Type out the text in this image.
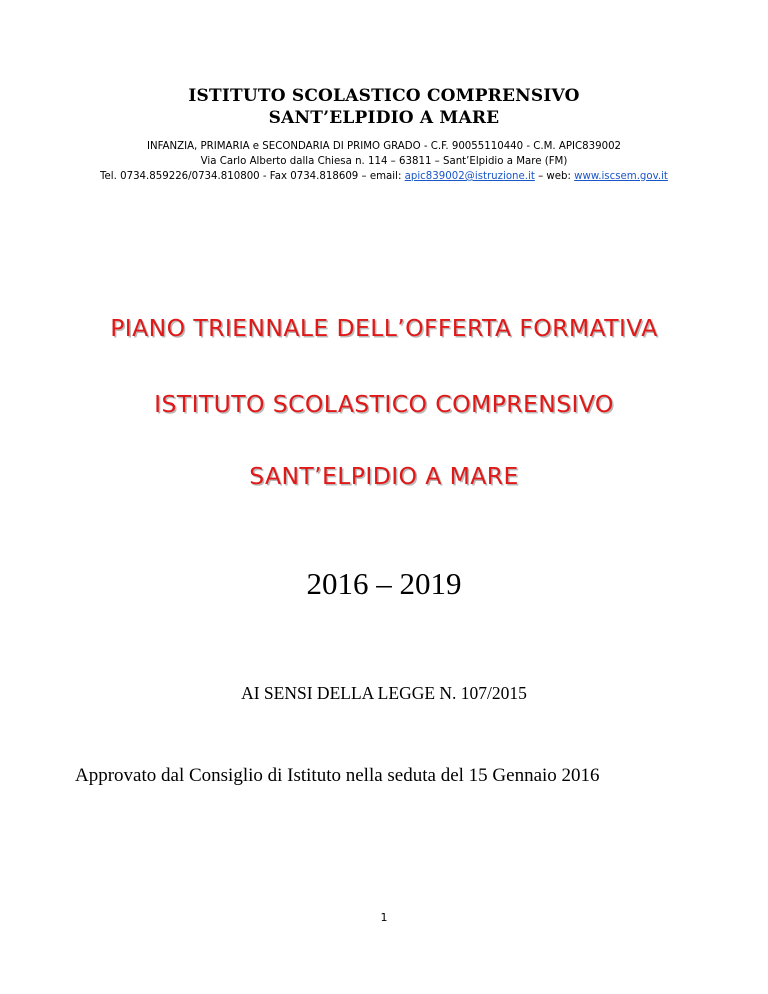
ISTITUTO SCOLASTICO COMPRENSIVO
SANT’ELPIDIO A MARE
INFANZIA, PRIMARIA e SECONDARIA DI PRIMO GRADO - C.F. 90055110440 - C.M. APIC839002
Via Carlo Alberto dalla Chiesa n. 114 – 63811 – Sant’Elpidio a Mare (FM)
Tel. 0734.859226/0734.810800 - Fax 0734.818609 – email: apic839002@istruzione.it – web: www.iscsem.gov.it
PIANO TRIENNALE DELL’OFFERTA FORMATIVA
ISTITUTO SCOLASTICO COMPRENSIVO
SANT’ELPIDIO A MARE
2016 – 2019
AI SENSI DELLA LEGGE N. 107/2015
Approvato dal Consiglio di Istituto nella seduta del 15 Gennaio 2016
1
